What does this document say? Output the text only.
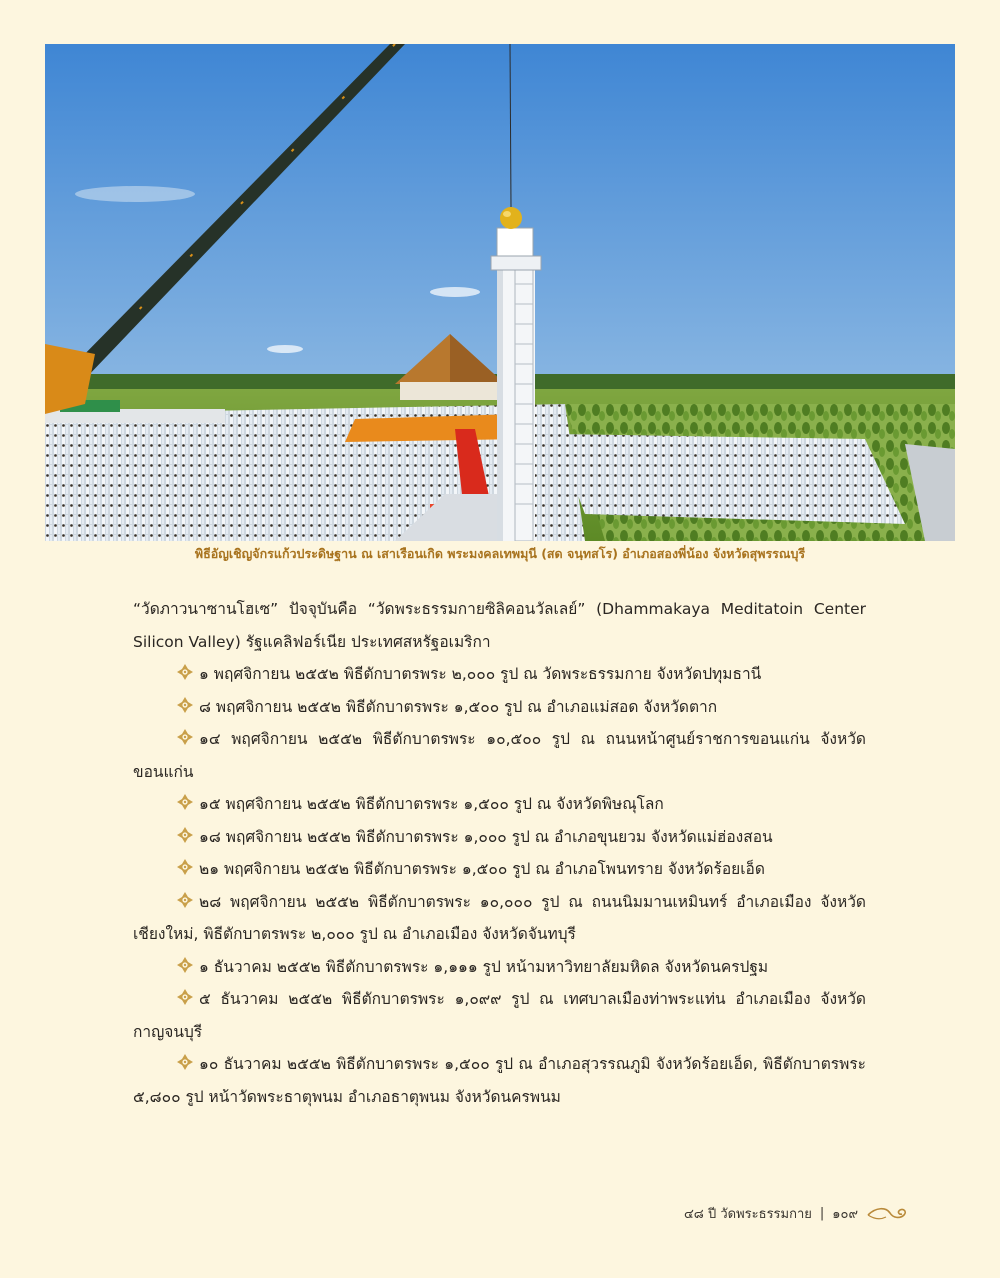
พิธีอัญเชิญจักรแก้วประดิษฐาน ณ เสาเรือนเกิด พระมงคลเทพมุนี (สด จนฺทสโร) อำเภอสองพี่น้อง จังหวัดสุพรรณบุรี

“วัดภาวนาซานโฮเซ” ปัจจุบันคือ “วัดพระธรรมกายซิลิคอนวัลเลย์” (Dhammakaya Meditatoin Center Silicon Valley) รัฐแคลิฟอร์เนีย ประเทศสหรัฐอเมริกา

๑ พฤศจิกายน ๒๕๕๒ พิธีตักบาตรพระ ๒,๐๐๐ รูป ณ วัดพระธรรมกาย จังหวัดปทุมธานี

๘ พฤศจิกายน ๒๕๕๒ พิธีตักบาตรพระ ๑,๕๐๐ รูป ณ อำเภอแม่สอด จังหวัดตาก

๑๔ พฤศจิกายน ๒๕๕๒ พิธีตักบาตรพระ ๑๐,๕๐๐ รูป ณ ถนนหน้าศูนย์ราชการขอนแก่น จังหวัดขอนแก่น

๑๕ พฤศจิกายน ๒๕๕๒ พิธีตักบาตรพระ ๑,๕๐๐ รูป ณ จังหวัดพิษณุโลก

๑๘ พฤศจิกายน ๒๕๕๒ พิธีตักบาตรพระ ๑,๐๐๐ รูป ณ อำเภอขุนยวม จังหวัดแม่ฮ่องสอน

๒๑ พฤศจิกายน ๒๕๕๒ พิธีตักบาตรพระ ๑,๕๐๐ รูป ณ อำเภอโพนทราย จังหวัดร้อยเอ็ด

๒๘ พฤศจิกายน ๒๕๕๒ พิธีตักบาตรพระ ๑๐,๐๐๐ รูป ณ ถนนนิมมานเหมินทร์ อำเภอเมือง จังหวัดเชียงใหม่, พิธีตักบาตรพระ ๒,๐๐๐ รูป ณ อำเภอเมือง จังหวัดจันทบุรี

๑ ธันวาคม ๒๕๕๒ พิธีตักบาตรพระ ๑,๑๑๑ รูป หน้ามหาวิทยาลัยมหิดล จังหวัดนครปฐม

๕ ธันวาคม ๒๕๕๒ พิธีตักบาตรพระ ๑,๐๙๙ รูป ณ เทศบาลเมืองท่าพระแท่น อำเภอเมือง จังหวัดกาญจนบุรี

๑๐ ธันวาคม ๒๕๕๒ พิธีตักบาตรพระ ๑,๕๐๐ รูป ณ อำเภอสุวรรณภูมิ จังหวัดร้อยเอ็ด, พิธีตักบาตรพระ ๕,๘๐๐ รูป หน้าวัดพระธาตุพนม อำเภอธาตุพนม จังหวัดนครพนม

๔๘ ปี วัดพระธรรมกาย | ๑๐๙
